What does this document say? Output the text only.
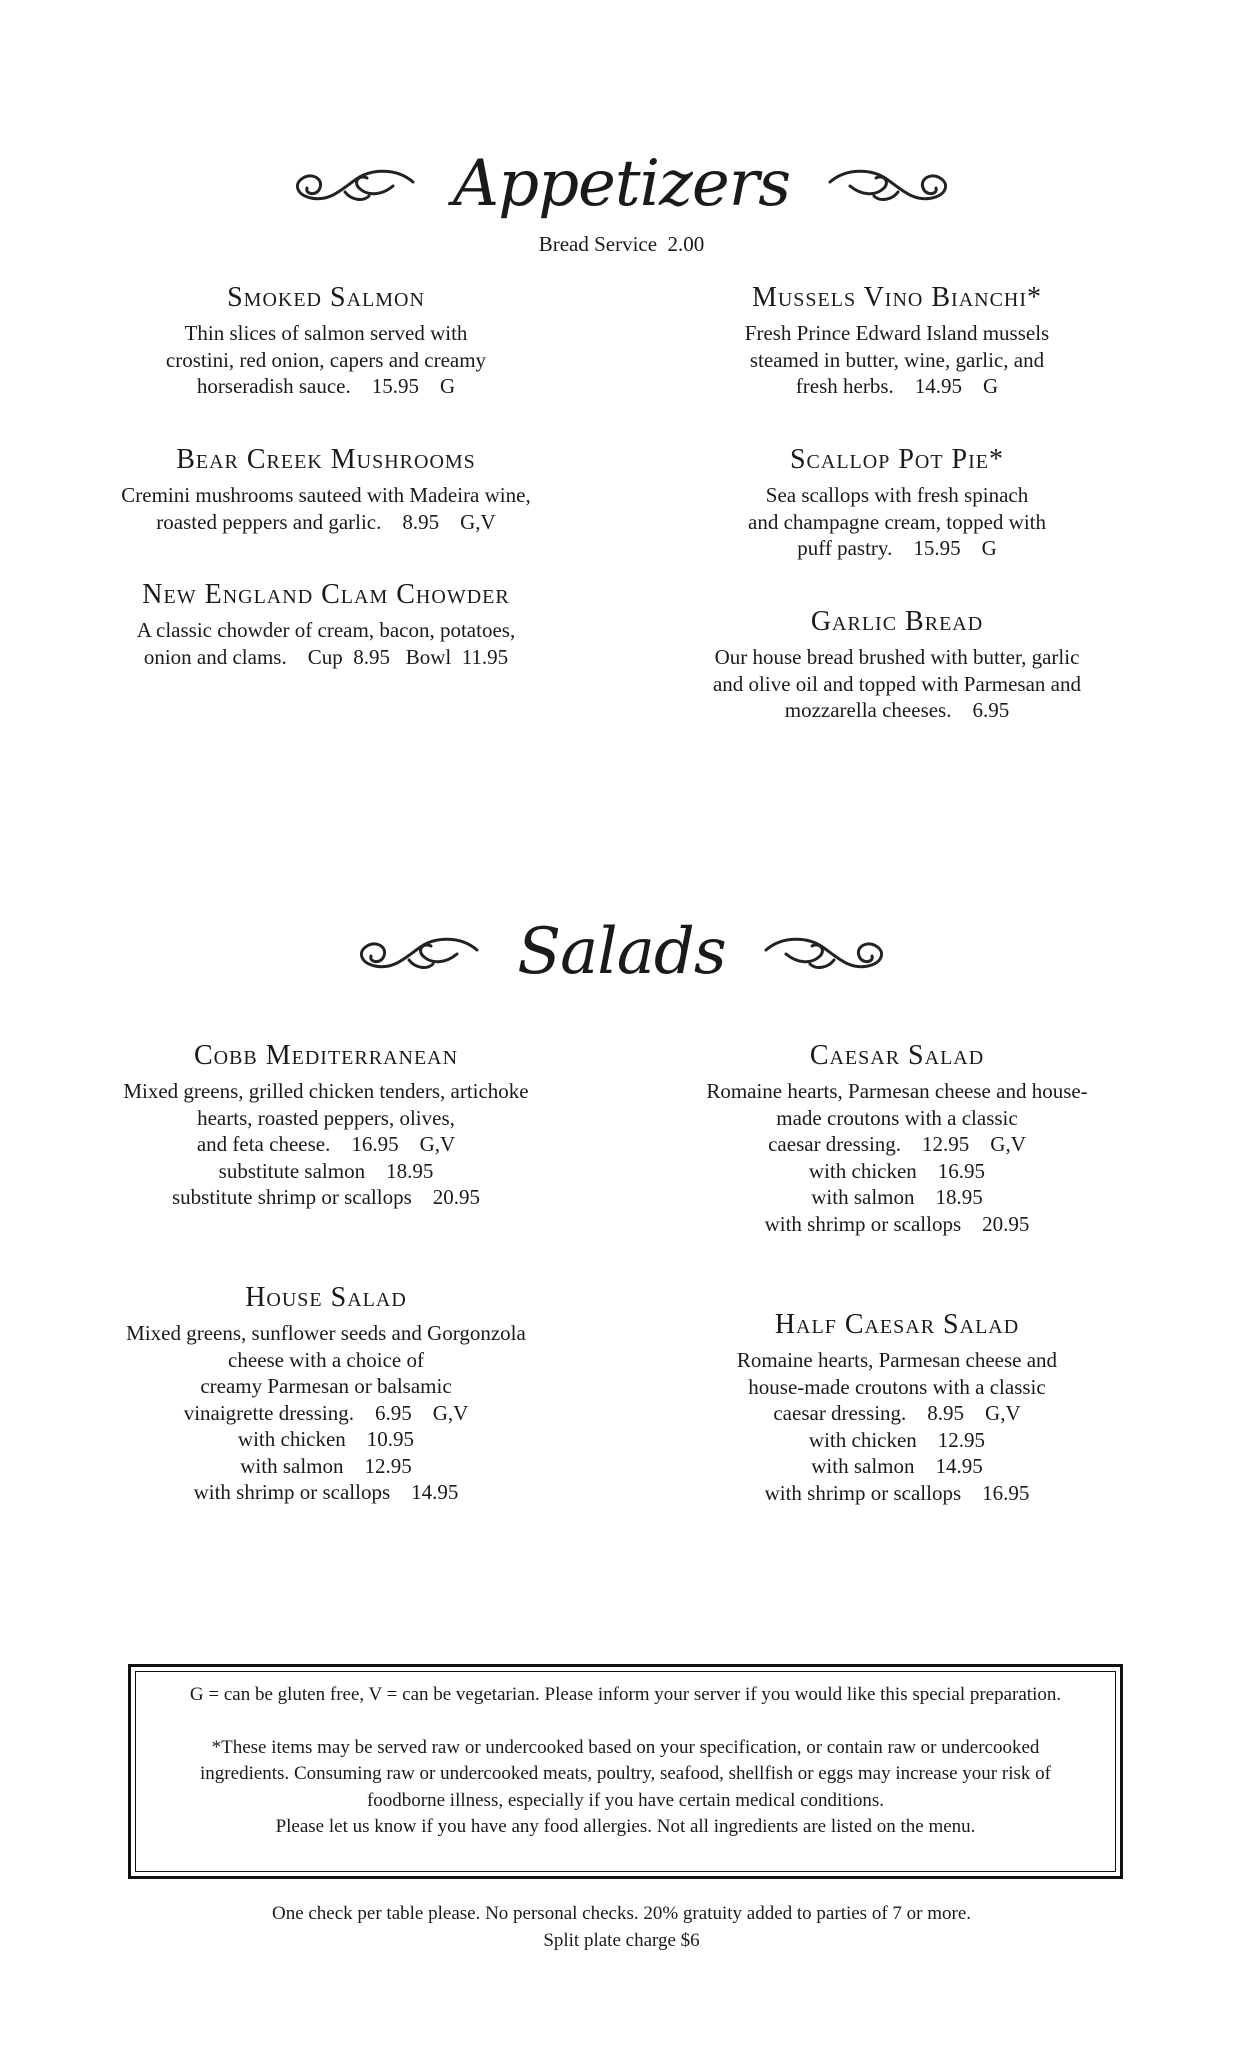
Appetizers
Bread Service  2.00
Smoked Salmon
Thin slices of salmon served with
crostini, red onion, capers and creamy
horseradish sauce.    15.95    G
Bear Creek Mushrooms
Cremini mushrooms sauteed with Madeira wine,
roasted peppers and garlic.    8.95    G,V
New England Clam Chowder
A classic chowder of cream, bacon, potatoes,
onion and clams.    Cup  8.95   Bowl  11.95
Mussels Vino Bianchi*
Fresh Prince Edward Island mussels
steamed in butter, wine, garlic, and
fresh herbs.    14.95    G
Scallop Pot Pie*
Sea scallops with fresh spinach
and champagne cream, topped with
puff pastry.    15.95    G
Garlic Bread
Our house bread brushed with butter, garlic
and olive oil and topped with Parmesan and
mozzarella cheeses.    6.95
Salads
Cobb Mediterranean
Mixed greens, grilled chicken tenders, artichoke
hearts, roasted peppers, olives,
and feta cheese.    16.95    G,V
substitute salmon    18.95
substitute shrimp or scallops    20.95
House Salad
Mixed greens, sunflower seeds and Gorgonzola
cheese with a choice of
creamy Parmesan or balsamic
vinaigrette dressing.    6.95    G,V
with chicken    10.95
with salmon    12.95
with shrimp or scallops    14.95
Caesar Salad
Romaine hearts, Parmesan cheese and house-
made croutons with a classic
caesar dressing.    12.95    G,V
with chicken    16.95
with salmon    18.95
with shrimp or scallops    20.95
Half Caesar Salad
Romaine hearts, Parmesan cheese and
house-made croutons with a classic
caesar dressing.    8.95    G,V
with chicken    12.95
with salmon    14.95
with shrimp or scallops    16.95
G = can be gluten free, V = can be vegetarian. Please inform your server if you would like this special preparation.
*These items may be served raw or undercooked based on your specification, or contain raw or undercooked
ingredients. Consuming raw or undercooked meats, poultry, seafood, shellfish or eggs may increase your risk of
foodborne illness, especially if you have certain medical conditions.
Please let us know if you have any food allergies. Not all ingredients are listed on the menu.
One check per table please. No personal checks. 20% gratuity added to parties of 7 or more.
Split plate charge $6
